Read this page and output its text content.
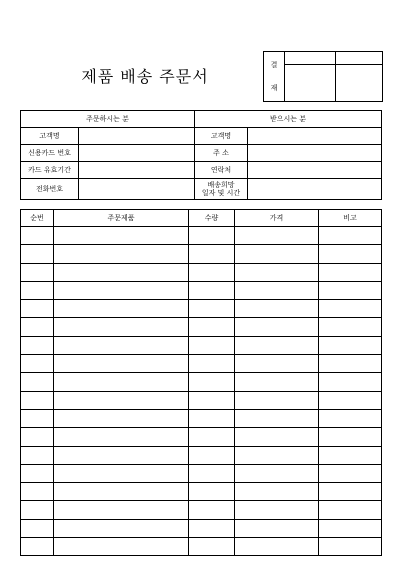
제품 배송 주문서
결
재		

주문하시는 분		받으시는 분	
고객명		고객명	
신용카드 번호		주 소	
카드 유효기간		연락처	
전화번호		배송희망
일자 및 시간	
순번	주문제품	수량	가격	비고
